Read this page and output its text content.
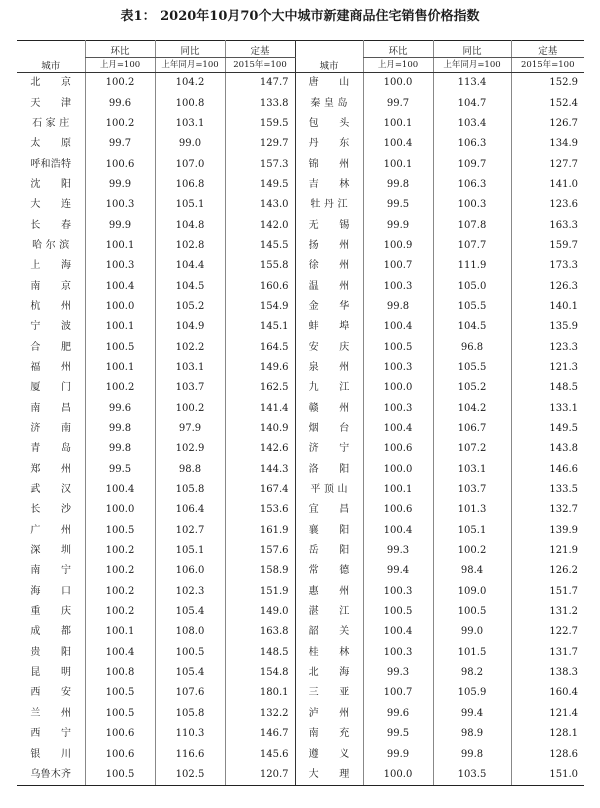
表1： 2020年10月70个大中城市新建商品住宅销售价格指数
城市	环比	同比	定基	城市	环比	同比	定基
	上月=100	上年同月=100	2015年=100		上月=100	上年同月=100	2015年=100
北　　京	100.2	104.2	147.7	唐　　山	100.0	113.4	152.9
天　　津	99.6	100.8	133.8	秦 皇 岛	99.7	104.7	152.4
石 家 庄	100.2	103.1	159.5	包　　头	100.1	103.4	126.7
太　　原	99.7	99.0	129.7	丹　　东	100.4	106.3	134.9
呼和浩特	100.6	107.0	157.3	锦　　州	100.1	109.7	127.7
沈　　阳	99.9	106.8	149.5	吉　　林	99.8	106.3	141.0
大　　连	100.3	105.1	143.0	牡 丹 江	99.5	100.3	123.6
长　　春	99.9	104.8	142.0	无　　锡	99.9	107.8	163.3
哈 尔 滨	100.1	102.8	145.5	扬　　州	100.9	107.7	159.7
上　　海	100.3	104.4	155.8	徐　　州	100.7	111.9	173.3
南　　京	100.4	104.5	160.6	温　　州	100.3	105.0	126.3
杭　　州	100.0	105.2	154.9	金　　华	99.8	105.5	140.1
宁　　波	100.1	104.9	145.1	蚌　　埠	100.4	104.5	135.9
合　　肥	100.5	102.2	164.5	安　　庆	100.5	96.8	123.3
福　　州	100.1	103.1	149.6	泉　　州	100.3	105.5	121.3
厦　　门	100.2	103.7	162.5	九　　江	100.0	105.2	148.5
南　　昌	99.6	100.2	141.4	赣　　州	100.3	104.2	133.1
济　　南	99.8	97.9	140.9	烟　　台	100.4	106.7	149.5
青　　岛	99.8	102.9	142.6	济　　宁	100.6	107.2	143.8
郑　　州	99.5	98.8	144.3	洛　　阳	100.0	103.1	146.6
武　　汉	100.4	105.8	167.4	平 顶 山	100.1	103.7	133.5
长　　沙	100.0	106.4	153.6	宜　　昌	100.6	101.3	132.7
广　　州	100.5	102.7	161.9	襄　　阳	100.4	105.1	139.9
深　　圳	100.2	105.1	157.6	岳　　阳	99.3	100.2	121.9
南　　宁	100.2	106.0	158.9	常　　德	99.4	98.4	126.2
海　　口	100.2	102.3	151.9	惠　　州	100.3	109.0	151.7
重　　庆	100.2	105.4	149.0	湛　　江	100.5	100.5	131.2
成　　都	100.1	108.0	163.8	韶　　关	100.4	99.0	122.7
贵　　阳	100.4	100.5	148.5	桂　　林	100.3	101.5	131.7
昆　　明	100.8	105.4	154.8	北　　海	99.3	98.2	138.3
西　　安	100.5	107.6	180.1	三　　亚	100.7	105.9	160.4
兰　　州	100.5	105.8	132.2	泸　　州	99.6	99.4	121.4
西　　宁	100.6	110.3	146.7	南　　充	99.5	98.9	128.1
银　　川	100.6	116.6	145.6	遵　　义	99.9	99.8	128.6
乌鲁木齐	100.5	102.5	120.7	大　　理	100.0	103.5	151.0
